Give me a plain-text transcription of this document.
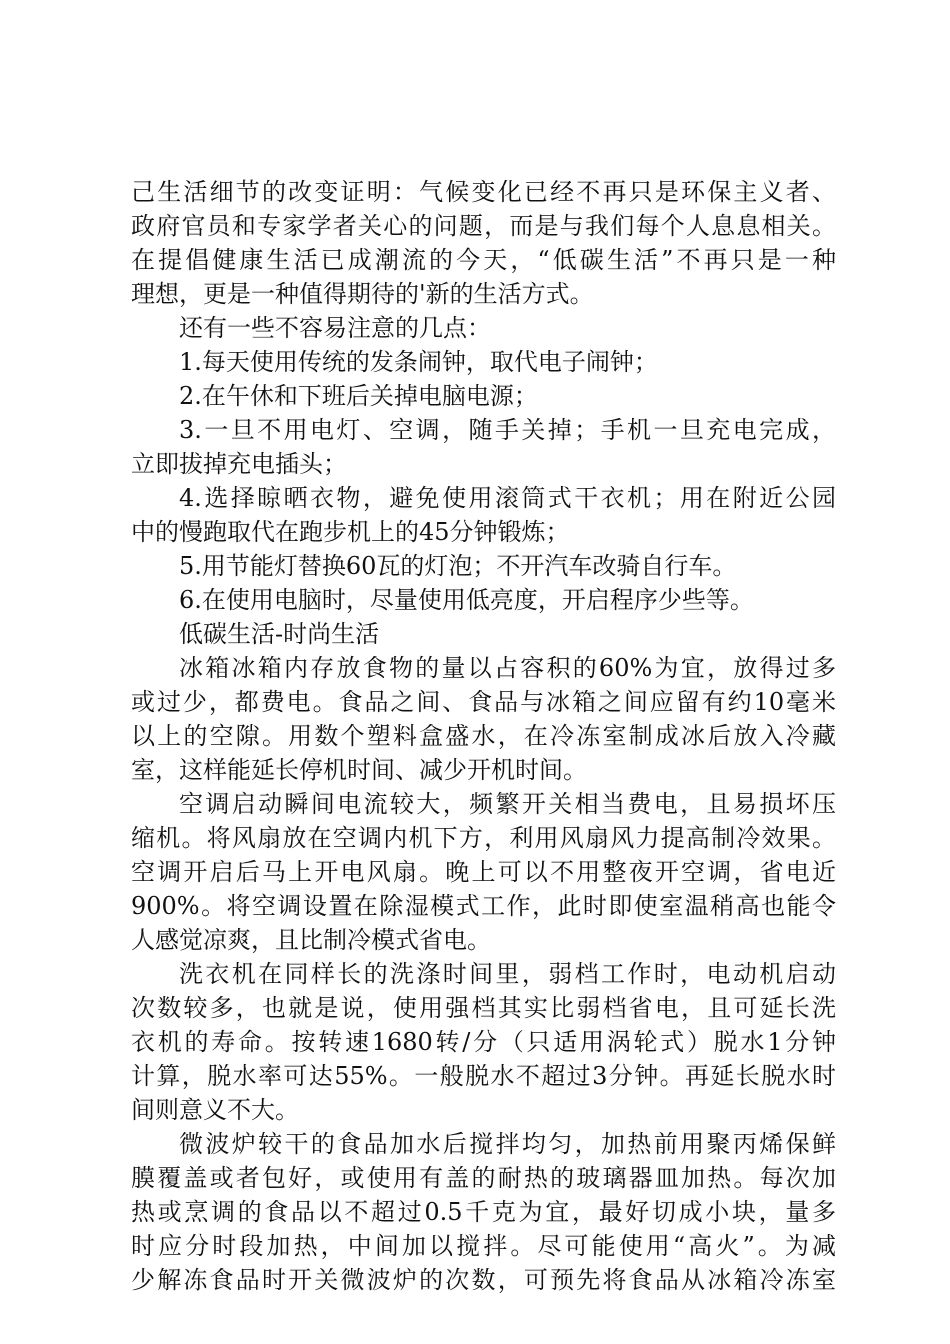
己生活细节的改变证明：气候变化已经不再只是环保主义者、
政府官员和专家学者关心的问题，而是与我们每个人息息相关。
在提倡健康生活已成潮流的今天，“低碳生活”不再只是一种
理想，更是一种值得期待的'新的生活方式。
还有一些不容易注意的几点：
1.每天使用传统的发条闹钟，取代电子闹钟；
2.在午休和下班后关掉电脑电源；
3.一旦不用电灯、空调，随手关掉；手机一旦充电完成，
立即拔掉充电插头；
4.选择晾晒衣物，避免使用滚筒式干衣机；用在附近公园
中的慢跑取代在跑步机上的45分钟锻炼；
5.用节能灯替换60瓦的灯泡；不开汽车改骑自行车。
6.在使用电脑时，尽量使用低亮度，开启程序少些等。
低碳生活-时尚生活
冰箱冰箱内存放食物的量以占容积的60%为宜，放得过多
或过少，都费电。食品之间、食品与冰箱之间应留有约10毫米
以上的空隙。用数个塑料盒盛水，在冷冻室制成冰后放入冷藏
室，这样能延长停机时间、减少开机时间。
空调启动瞬间电流较大，频繁开关相当费电，且易损坏压
缩机。将风扇放在空调内机下方，利用风扇风力提高制冷效果。
空调开启后马上开电风扇。晚上可以不用整夜开空调，省电近
900%。将空调设置在除湿模式工作，此时即使室温稍高也能令
人感觉凉爽，且比制冷模式省电。
洗衣机在同样长的洗涤时间里，弱档工作时，电动机启动
次数较多，也就是说，使用强档其实比弱档省电，且可延长洗
衣机的寿命。按转速1680转/分（只适用涡轮式）脱水1分钟
计算，脱水率可达55%。一般脱水不超过3分钟。再延长脱水时
间则意义不大。
微波炉较干的食品加水后搅拌均匀，加热前用聚丙烯保鲜
膜覆盖或者包好，或使用有盖的耐热的玻璃器皿加热。每次加
热或烹调的食品以不超过0.5千克为宜，最好切成小块，量多
时应分时段加热，中间加以搅拌。尽可能使用“高火”。为减
少解冻食品时开关微波炉的次数，可预先将食品从冰箱冷冻室
